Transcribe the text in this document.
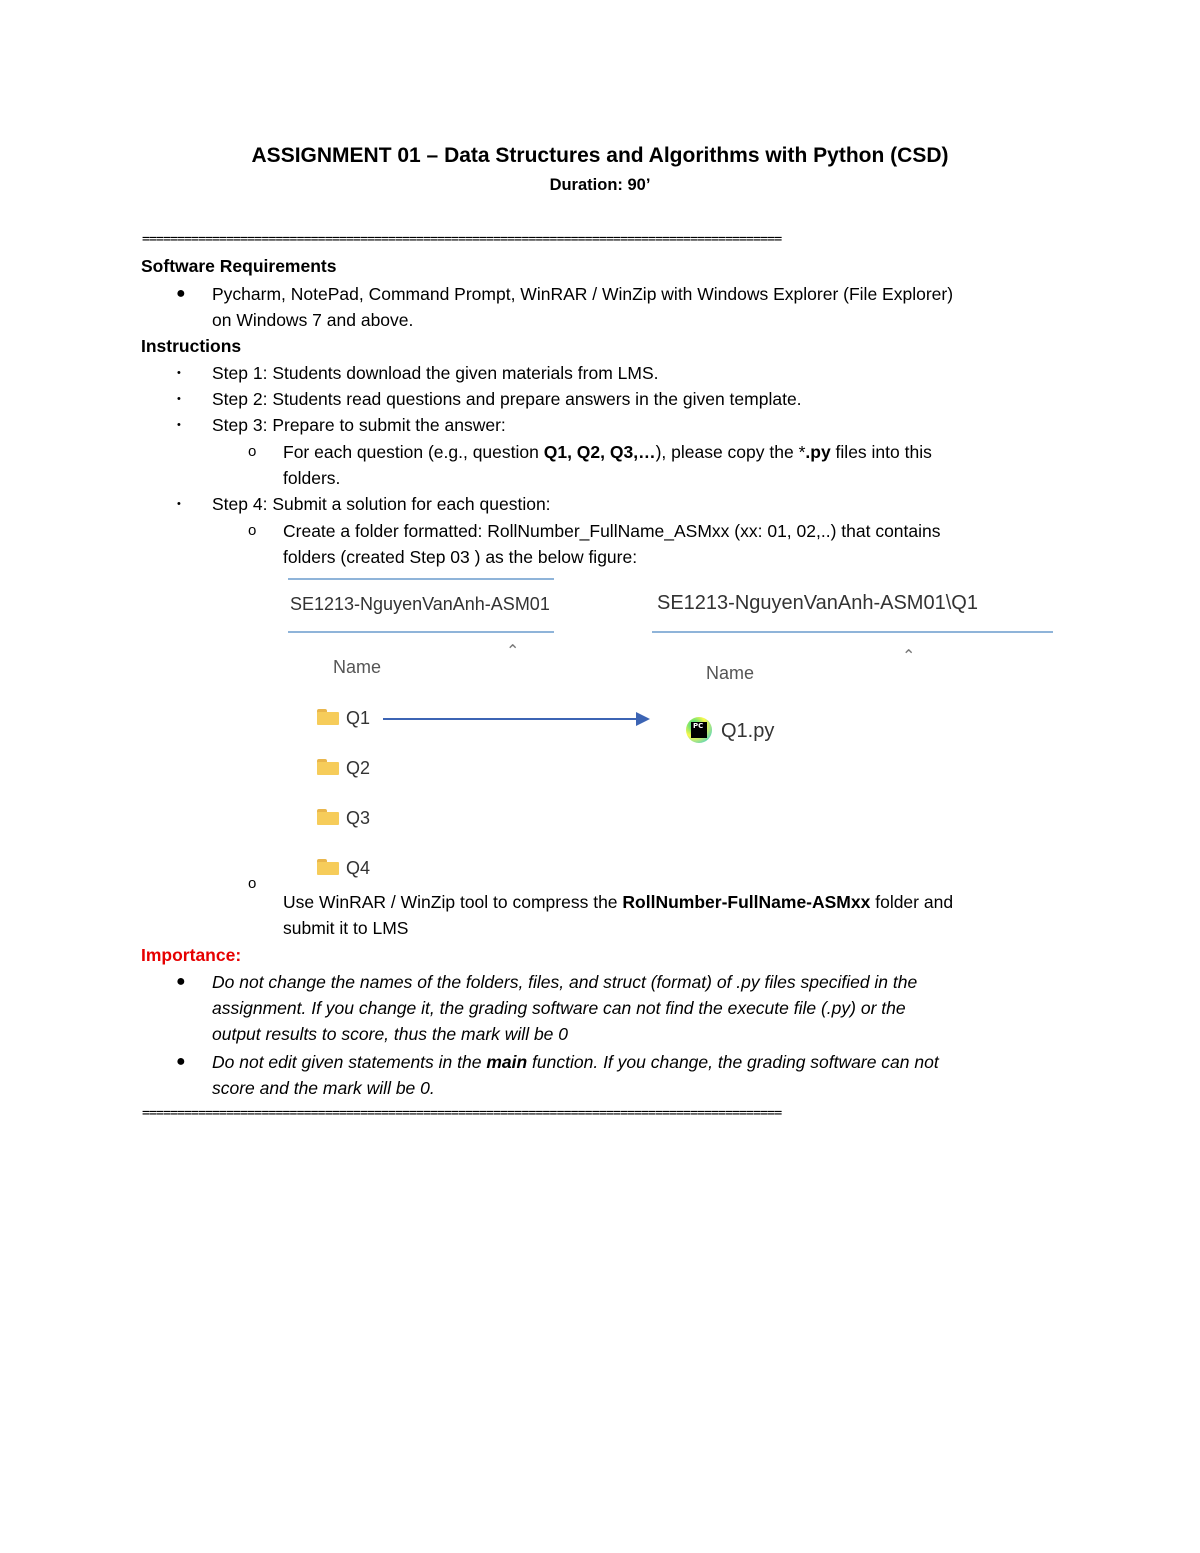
ASSIGNMENT 01 – Data Structures and Algorithms with Python (CSD)
Duration: 90’
===========================================================================================
Software Requirements
● Pycharm, NotePad, Command Prompt, WinRAR / WinZip with Windows Explorer (File Explorer)
on Windows 7 and above.
Instructions
• Step 1: Students download the given materials from LMS.
• Step 2: Students read questions and prepare answers in the given template.
• Step 3: Prepare to submit the answer:
o For each question (e.g., question Q1, Q2, Q3,…), please copy the *.py files into this
folders.
• Step 4: Submit a solution for each question:
o Create a folder formatted: RollNumber_FullName_ASMxx (xx: 01, 02,..) that contains
folders (created Step 03 ) as the below figure:
SE1213-NguyenVanAnh-ASM01	SE1213-NguyenVanAnh-ASM01\Q1
Name
⌃
Name
⌃
Q1
Q2
Q3
Q4
PC Q1.py
o
Use WinRAR / WinZip tool to compress the RollNumber-FullName-ASMxx folder and
submit it to LMS
Importance:
● Do not change the names of the folders, files, and struct (format) of .py files specified in the
assignment. If you change it, the grading software can not find the execute file (.py) or the
output results to score, thus the mark will be 0
● Do not edit given statements in the main function. If you change, the grading software can not
score and the mark will be 0.
===========================================================================================
